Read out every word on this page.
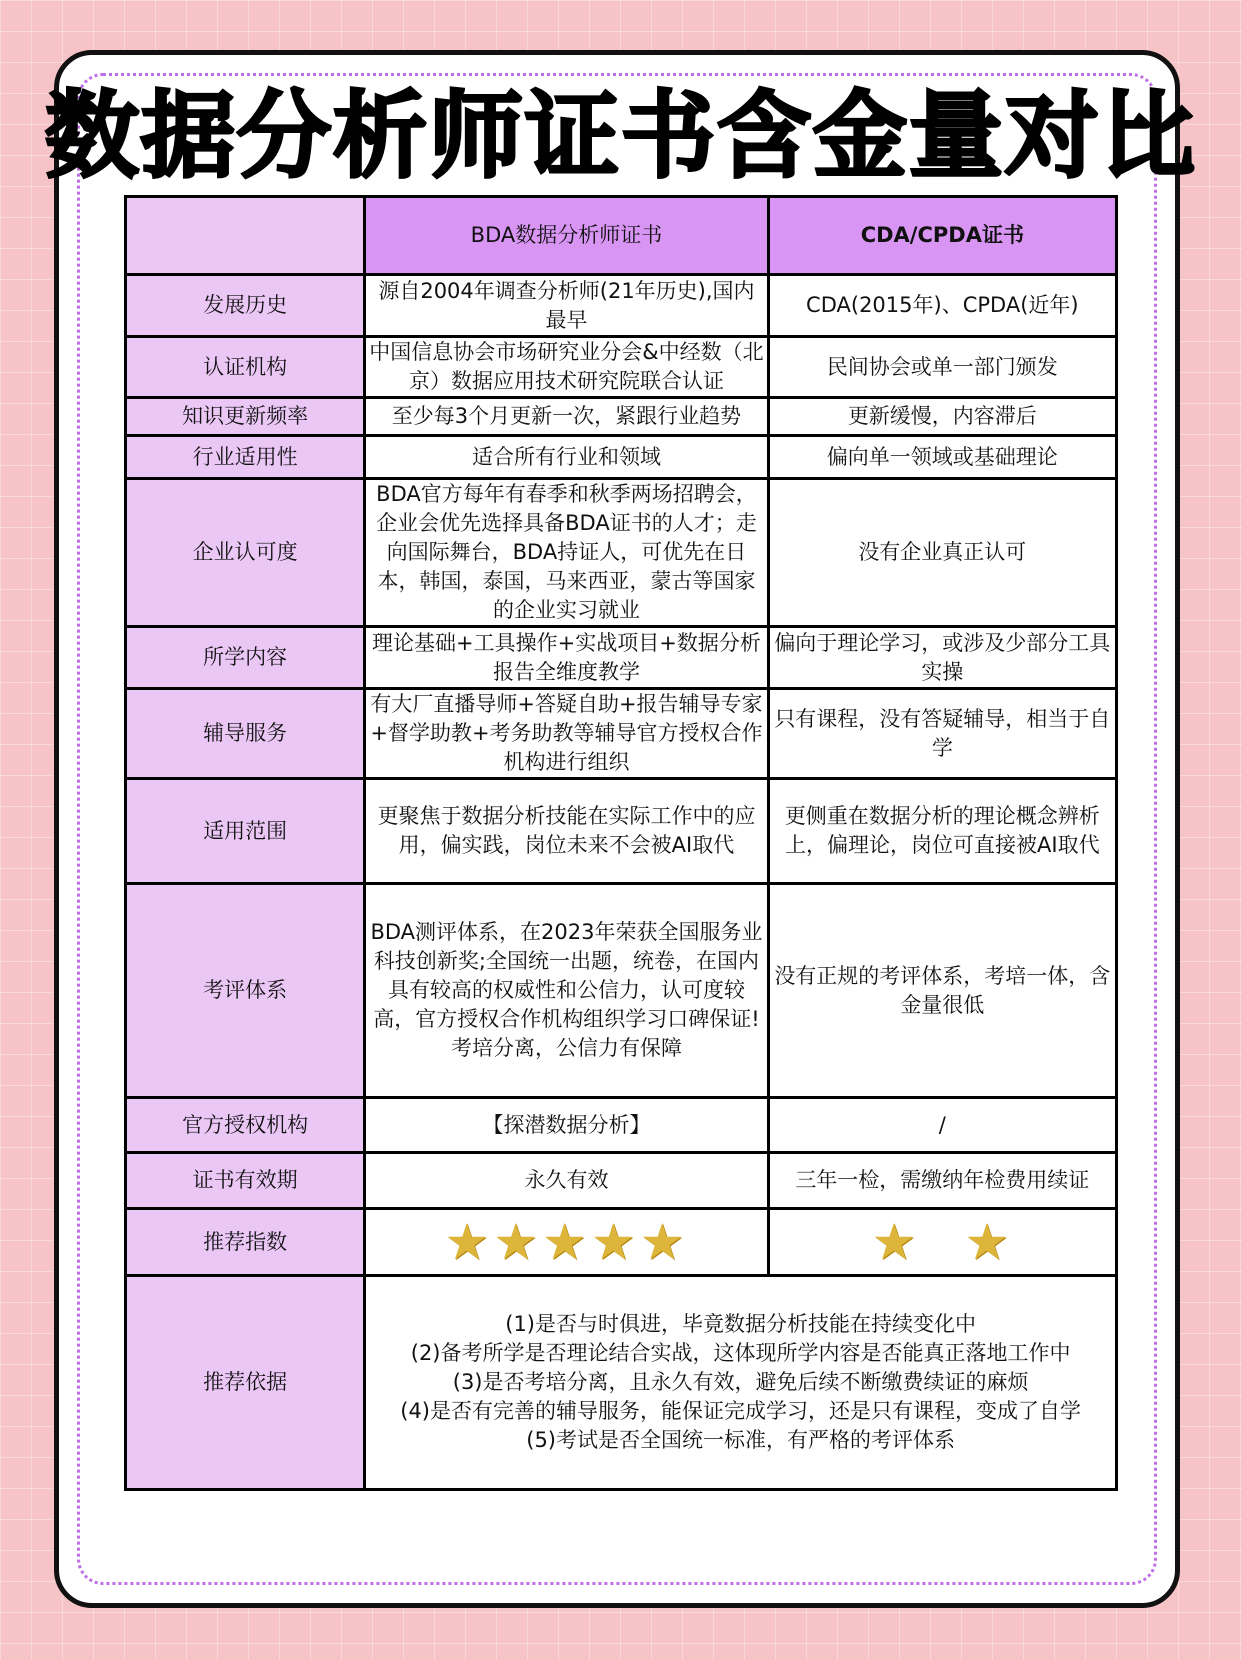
数据分析师证书含金量对比
	BDA数据分析师证书	CDA/CPDA证书
发展历史	源自2004年调查分析师(21年历史),国内最早	CDA(2015年)、CPDA(近年)
认证机构	中国信息协会市场研究业分会&中经数（北京）数据应用技术研究院联合认证	民间协会或单一部门颁发
知识更新频率	至少每3个月更新一次，紧跟行业趋势	更新缓慢，内容滞后
行业适用性	适合所有行业和领域	偏向单一领域或基础理论
企业认可度	BDA官方每年有春季和秋季两场招聘会，企业会优先选择具备BDA证书的人才；走向国际舞台，BDA持证人，可优先在日本，韩国，泰国，马来西亚，蒙古等国家的企业实习就业	没有企业真正认可
所学内容	理论基础+工具操作+实战项目+数据分析报告全维度教学	偏向于理论学习，或涉及少部分工具实操
辅导服务	有大厂直播导师+答疑自助+报告辅导专家+督学助教+考务助教等辅导官方授权合作机构进行组织	只有课程，没有答疑辅导，相当于自学
适用范围	更聚焦于数据分析技能在实际工作中的应用，偏实践，岗位未来不会被AI取代	更侧重在数据分析的理论概念辨析上，偏理论，岗位可直接被AI取代
考评体系	BDA测评体系，在2023年荣获全国服务业科技创新奖;全国统一出题，统卷，在国内具有较高的权威性和公信力，认可度较高，官方授权合作机构组织学习口碑保证!考培分离，公信力有保障	没有正规的考评体系，考培一体，含金量很低
官方授权机构	【探潜数据分析】	/
证书有效期	永久有效	三年一检，需缴纳年检费用续证
推荐指数	★★★★★	★ ★

推荐依据	(1)是否与时俱进，毕竟数据分析技能在持续变化中
(2)备考所学是否理论结合实战，这体现所学内容是否能真正落地工作中
(3)是否考培分离，且永久有效，避免后续不断缴费续证的麻烦
(4)是否有完善的辅导服务，能保证完成学习，还是只有课程，变成了自学
(5)考试是否全国统一标准，有严格的考评体系	
